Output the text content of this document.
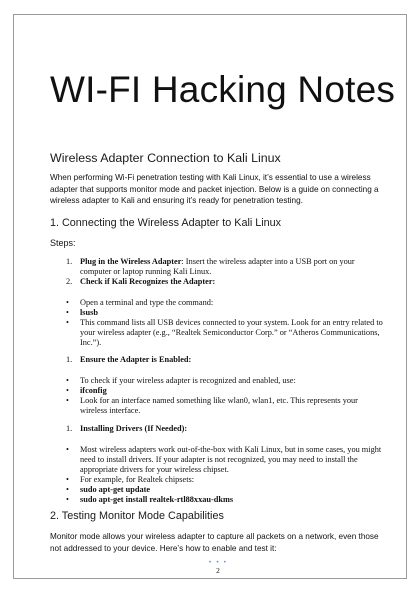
WI-FI Hacking Notes
Wireless Adapter Connection to Kali Linux
When performing Wi-Fi penetration testing with Kali Linux, it’s essential to use a wireless adapter that supports monitor mode and packet injection. Below is a guide on connecting a wireless adapter to Kali and ensuring it’s ready for penetration testing.
1. Connecting the Wireless Adapter to Kali Linux
Steps:
1. Plug in the Wireless Adapter: Insert the wireless adapter into a USB port on your computer or laptop running Kali Linux.
2. Check if Kali Recognizes the Adapter:
• Open a terminal and type the command:
• lsusb
• This command lists all USB devices connected to your system. Look for an entry related to your wireless adapter (e.g., “Realtek Semiconductor Corp.” or “Atheros Communications, Inc.”).
1. Ensure the Adapter is Enabled:
• To check if your wireless adapter is recognized and enabled, use:
• ifconfig
• Look for an interface named something like wlan0, wlan1, etc. This represents your wireless interface.
1. Installing Drivers (If Needed):
• Most wireless adapters work out-of-the-box with Kali Linux, but in some cases, you might need to install drivers. If your adapter is not recognized, you may need to install the appropriate drivers for your wireless chipset.
• For example, for Realtek chipsets:
• sudo apt-get update
• sudo apt-get install realtek-rtl88xxau-dkms
2. Testing Monitor Mode Capabilities
Monitor mode allows your wireless adapter to capture all packets on a network, even those not addressed to your device. Here’s how to enable and test it:
• • •
2
